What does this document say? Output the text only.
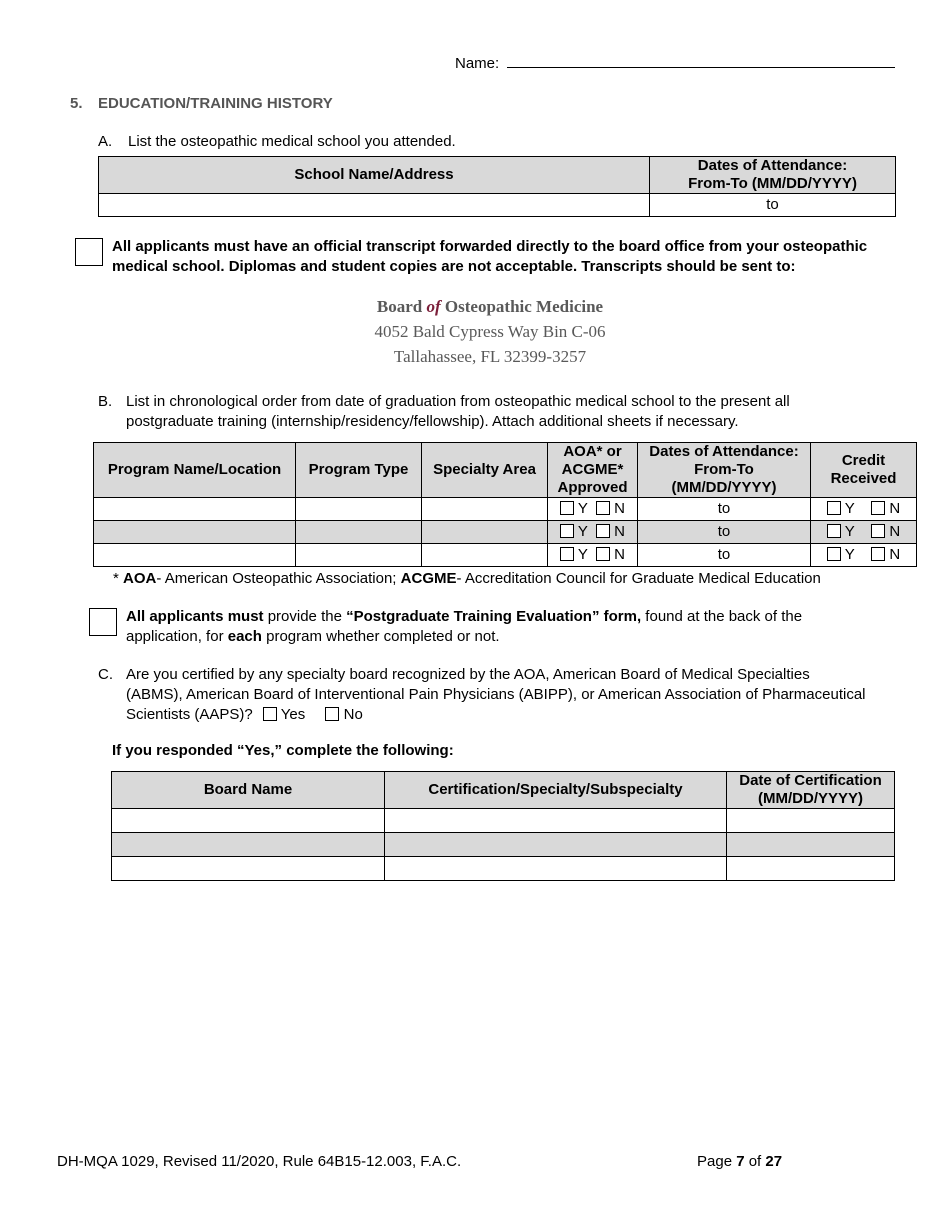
Name:
5. EDUCATION/TRAINING HISTORY
A. List the osteopathic medical school you attended.
School Name/Address	Dates of Attendance:
From-To (MM/DD/YYYY)
	to
All applicants must have an official transcript forwarded directly to the board office from your osteopathic
medical school. Diplomas and student copies are not acceptable. Transcripts should be sent to:
Board of Osteopathic Medicine
4052 Bald Cypress Way Bin C-06
Tallahassee, FL 32399-3257
B. List in chronological order from date of graduation from osteopathic medical school to the present all
postgraduate training (internship/residency/fellowship). Attach additional sheets if necessary.
Program Name/Location	Program Type	Specialty Area	AOA* or
ACGME*
Approved	Dates of Attendance:
From-To
(MM/DD/YYYY)	Credit
Received
			Y N	to	Y N
			Y N	to	Y N
			Y N	to	Y N
* AOA- American Osteopathic Association; ACGME- Accreditation Council for Graduate Medical Education
All applicants must provide the “Postgraduate Training Evaluation” form, found at the back of the
application, for each program whether completed or not.
C. Are you certified by any specialty board recognized by the AOA, American Board of Medical Specialties
(ABMS), American Board of Interventional Pain Physicians (ABIPP), or American Association of Pharmaceutical
Scientists (AAPS)? Yes	No
If you responded “Yes,” complete the following:
Board Name	Certification/Specialty/Subspecialty	Date of Certification
(MM/DD/YYYY)

DH-MQA 1029, Revised 11/2020, Rule 64B15-12.003, F.A.C.	Page 7 of 27
